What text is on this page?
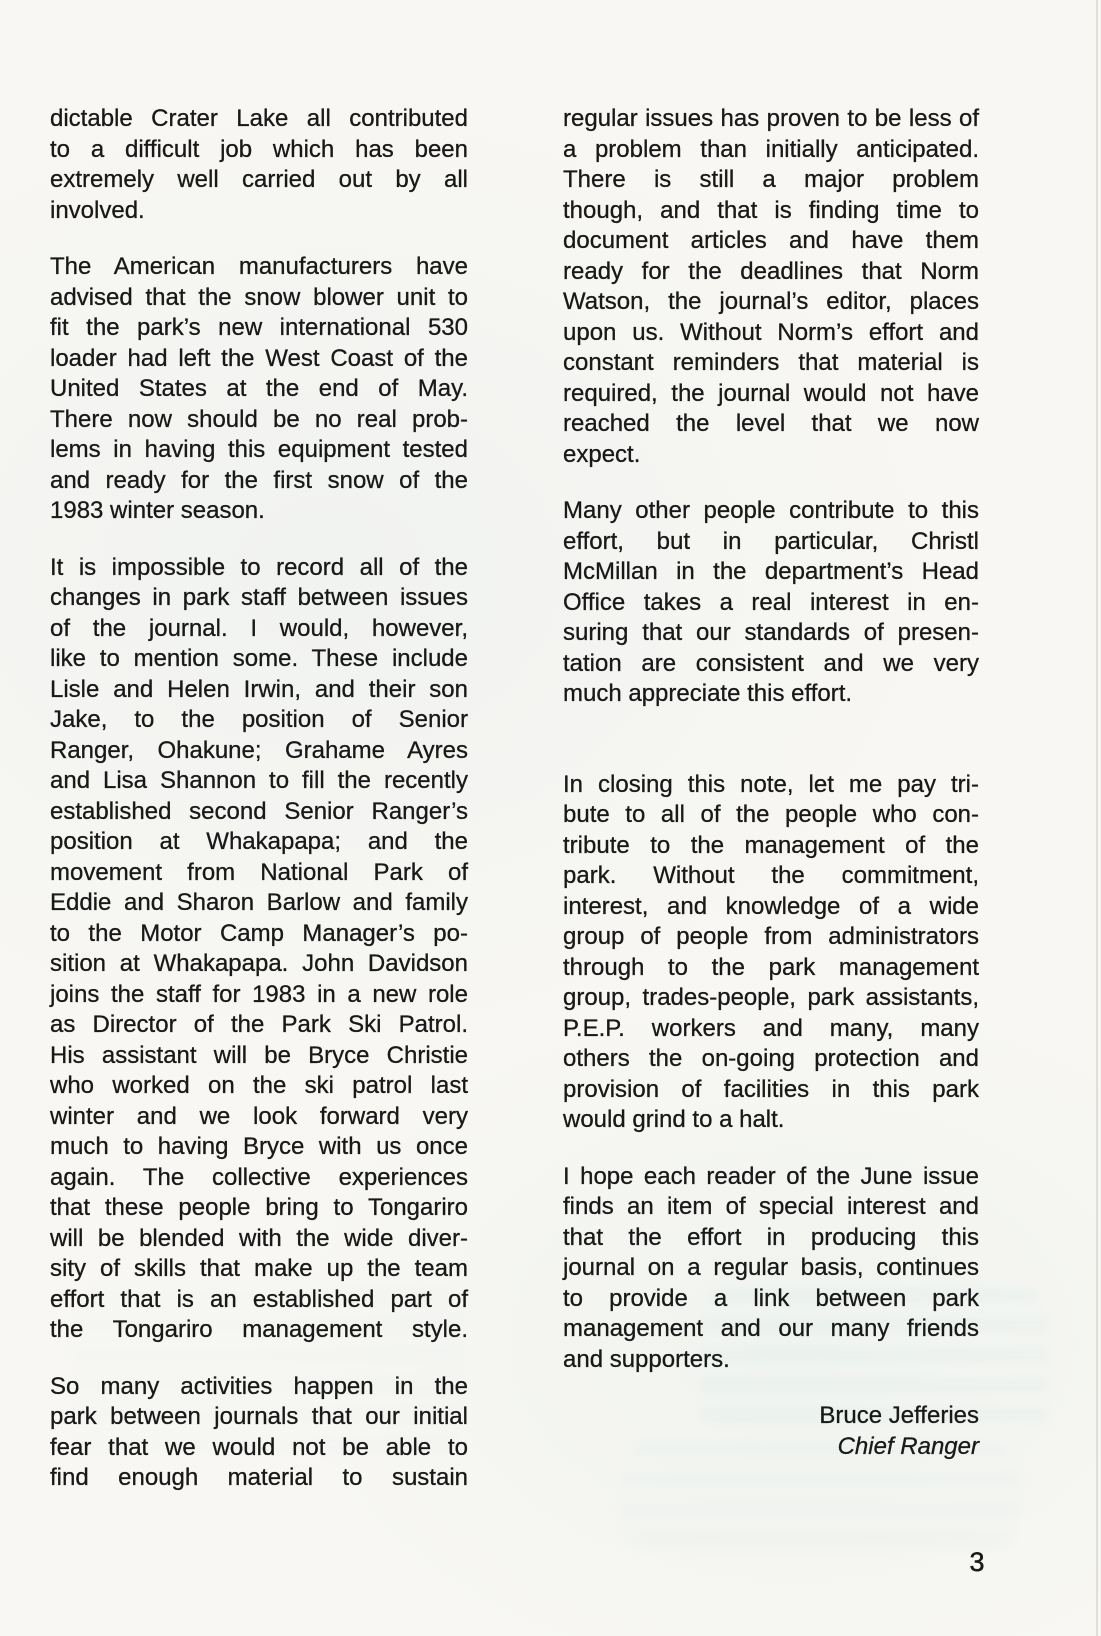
dictable Crater Lake all contributed
to a difficult job which has been
extremely well carried out by all
involved.
The American manufacturers have
advised that the snow blower unit to
fit the park’s new international 530
loader had left the West Coast of the
United States at the end of May.
There now should be no real prob-
lems in having this equipment tested
and ready for the first snow of the
1983 winter season.
It is impossible to record all of the
changes in park staff between issues
of the journal. I would, however,
like to mention some. These include
Lisle and Helen Irwin, and their son
Jake, to the position of Senior
Ranger, Ohakune; Grahame Ayres
and Lisa Shannon to fill the recently
established second Senior Ranger’s
position at Whakapapa; and the
movement from National Park of
Eddie and Sharon Barlow and family
to the Motor Camp Manager’s po-
sition at Whakapapa. John Davidson
joins the staff for 1983 in a new role
as Director of the Park Ski Patrol.
His assistant will be Bryce Christie
who worked on the ski patrol last
winter and we look forward very
much to having Bryce with us once
again. The collective experiences
that these people bring to Tongariro
will be blended with the wide diver-
sity of skills that make up the team
effort that is an established part of
the Tongariro management style.
So many activities happen in the
park between journals that our initial
fear that we would not be able to
find enough material to sustain
regular issues has proven to be less of
a problem than initially anticipated.
There is still a major problem
though, and that is finding time to
document articles and have them
ready for the deadlines that Norm
Watson, the journal’s editor, places
upon us. Without Norm’s effort and
constant reminders that material is
required, the journal would not have
reached the level that we now
expect.
Many other people contribute to this
effort, but in particular, Christl
McMillan in the department’s Head
Office takes a real interest in en-
suring that our standards of presen-
tation are consistent and we very
much appreciate this effort.
In closing this note, let me pay tri-
bute to all of the people who con-
tribute to the management of the
park. Without the commitment,
interest, and knowledge of a wide
group of people from administrators
through to the park management
group, trades-people, park assistants,
P.E.P. workers and many, many
others the on-going protection and
provision of facilities in this park
would grind to a halt.
I hope each reader of the June issue
finds an item of special interest and
that the effort in producing this
journal on a regular basis, continues
to provide a link between park
management and our many friends
and supporters.
Bruce Jefferies
Chief Ranger
3
